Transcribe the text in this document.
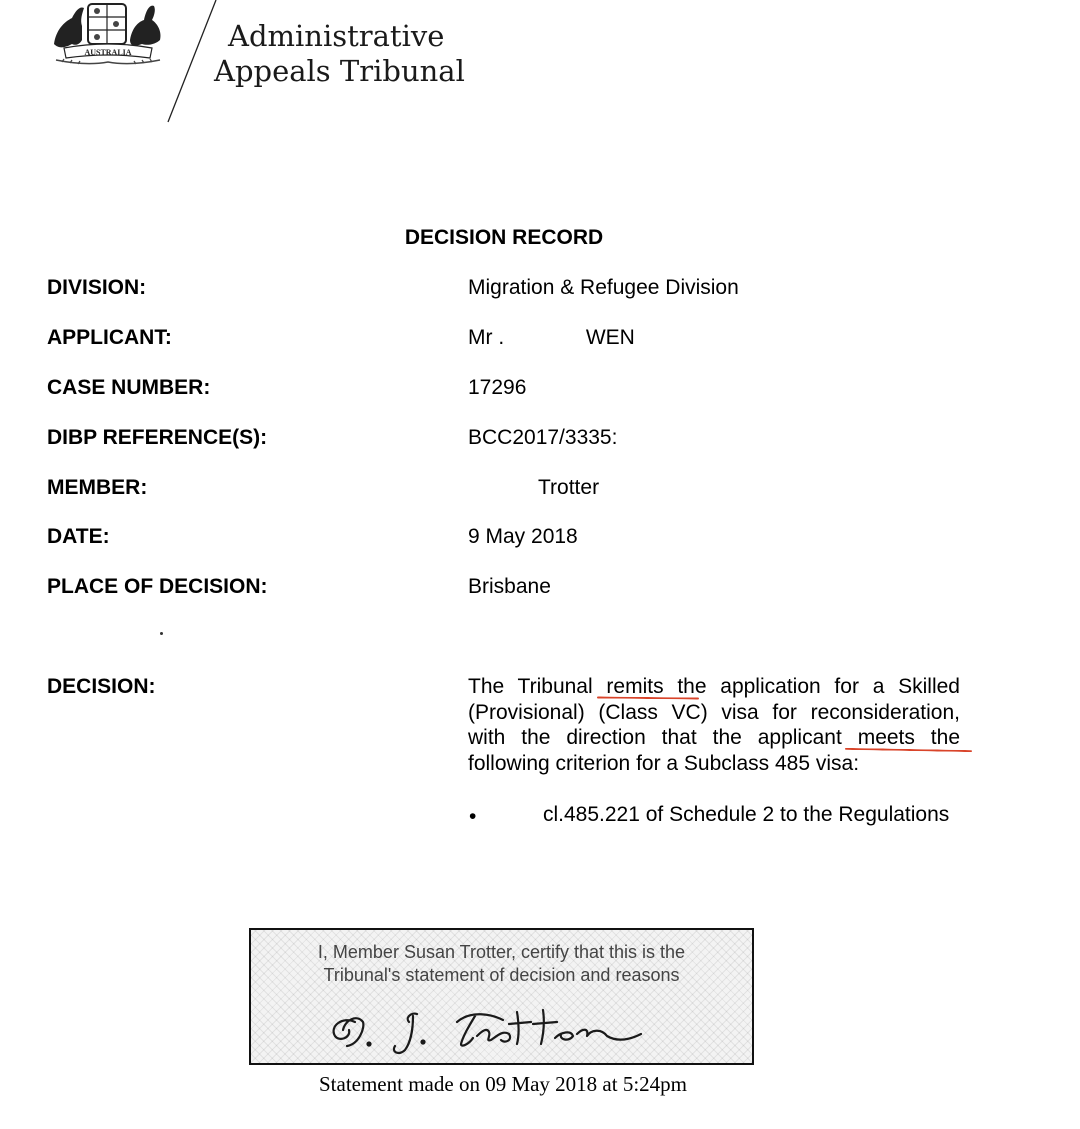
AUSTRALIA	Administrative
Appeals Tribunal
DECISION RECORD
DIVISION:	Migration & Refugee Division
APPLICANT:	Mr .              WEN
CASE NUMBER:	17296
DIBP REFERENCE(S):	BCC2017/3335:
MEMBER:	Trotter
DATE:	9 May 2018
PLACE OF DECISION:	Brisbane
DECISION:	The Tribunal remits the application for a Skilled (Provisional) (Class VC) visa for reconsideration, with the direction that the applicant meets the following criterion for a Subclass 485 visa:
•	cl.485.221 of Schedule 2 to the Regulations
I, Member Susan Trotter, certify that this is the
Tribunal's statement of decision and reasons
Statement made on 09 May 2018 at 5:24pm
